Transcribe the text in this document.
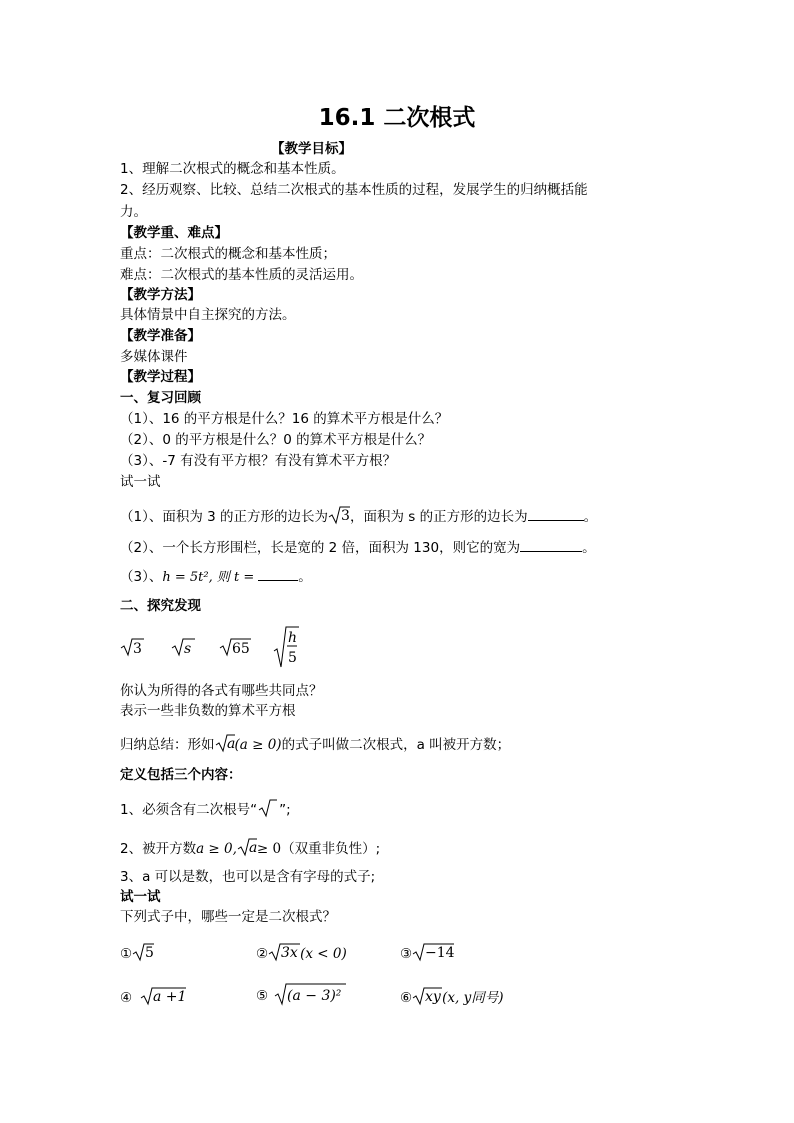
16.1 二次根式
【教学目标】
1、理解二次根式的概念和基本性质。
2、经历观察、比较、总结二次根式的基本性质的过程，发展学生的归纳概括能
力。
【教学重、难点】
重点：二次根式的概念和基本性质；
难点：二次根式的基本性质的灵活运用。
【教学方法】
具体情景中自主探究的方法。
【教学准备】
多媒体课件
【教学过程】
一、复习回顾
（1）、16 的平方根是什么？16 的算术平方根是什么？
（2）、0 的平方根是什么？0 的算术平方根是什么？
（3）、-7 有没有平方根？有没有算术平方根？
试一试
（1）、面积为 3 的正方形的边长为 3 ，面积为 s 的正方形的边长为	。
（2）、一个长方形围栏，长是宽的 2 倍，面积为 130，则它的宽为	。
（3）、h = 5t², 则 t =	。
二、探究发现
3	s	65
h
5
你认为所得的各式有哪些共同点？
表示一些非负数的算术平方根
归纳总结：形如 a (a ≥ 0)的式子叫做二次根式，a 叫被开方数；
定义包括三个内容：
1、必须含有二次根号“ ”;
2、被开方数a ≥ 0, a ≥ 0（双重非负性）;
3、a 可以是数，也可以是含有字母的式子;
试一试
下列式子中，哪些一定是二次根式？
① 5	② 3x (x < 0)	③ −14
④ a +1	⑤ (a − 3)²	⑥ xy (x, y同号)
